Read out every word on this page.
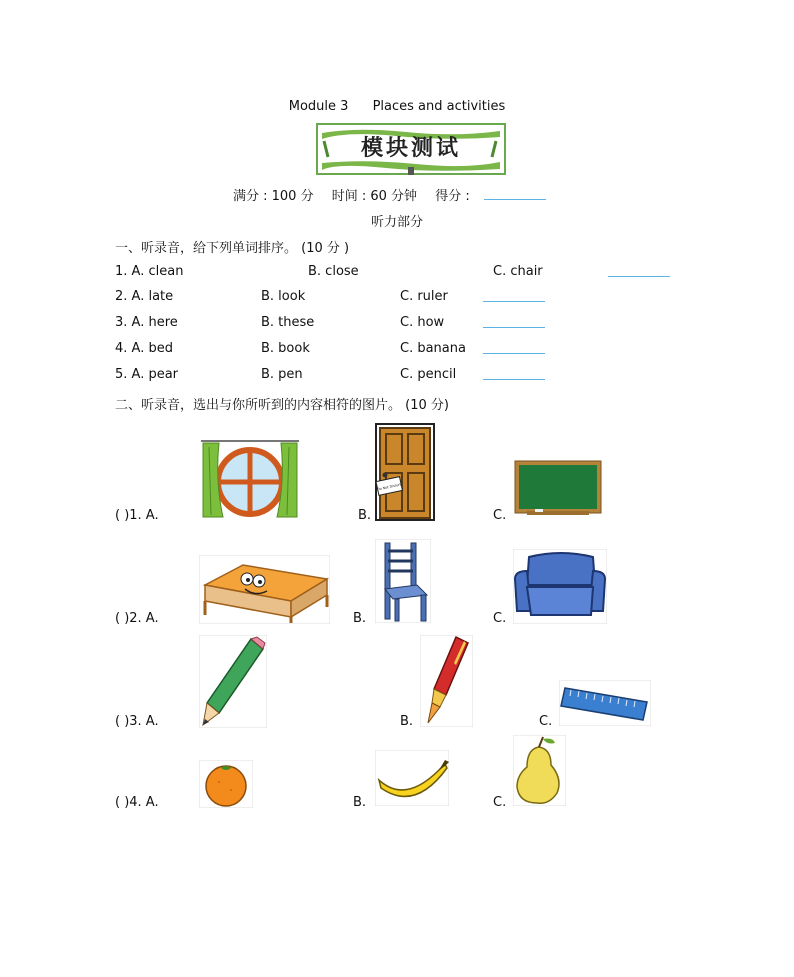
Module 3 Places and activities
模块测试
满分 : 100 分 时间 : 60 分钟 得分 :
听力部分
一、听录音，给下列单词排序。 (10 分 )
1. A. clean	B. close	C. chair
2. A. late	B. look	C. ruler
3. A. here	B. these	C. how
4. A. bed	B. book	C. banana
5. A. pear	B. pen	C. pencil
二、听录音，选出与你所听到的内容相符的图片。 (10 分)
( )1. A.	B.
Do Not Disturb
C.
( )2. A.	B.	C.
( )3. A.	B.	C.
( )4. A.	B.	C.
